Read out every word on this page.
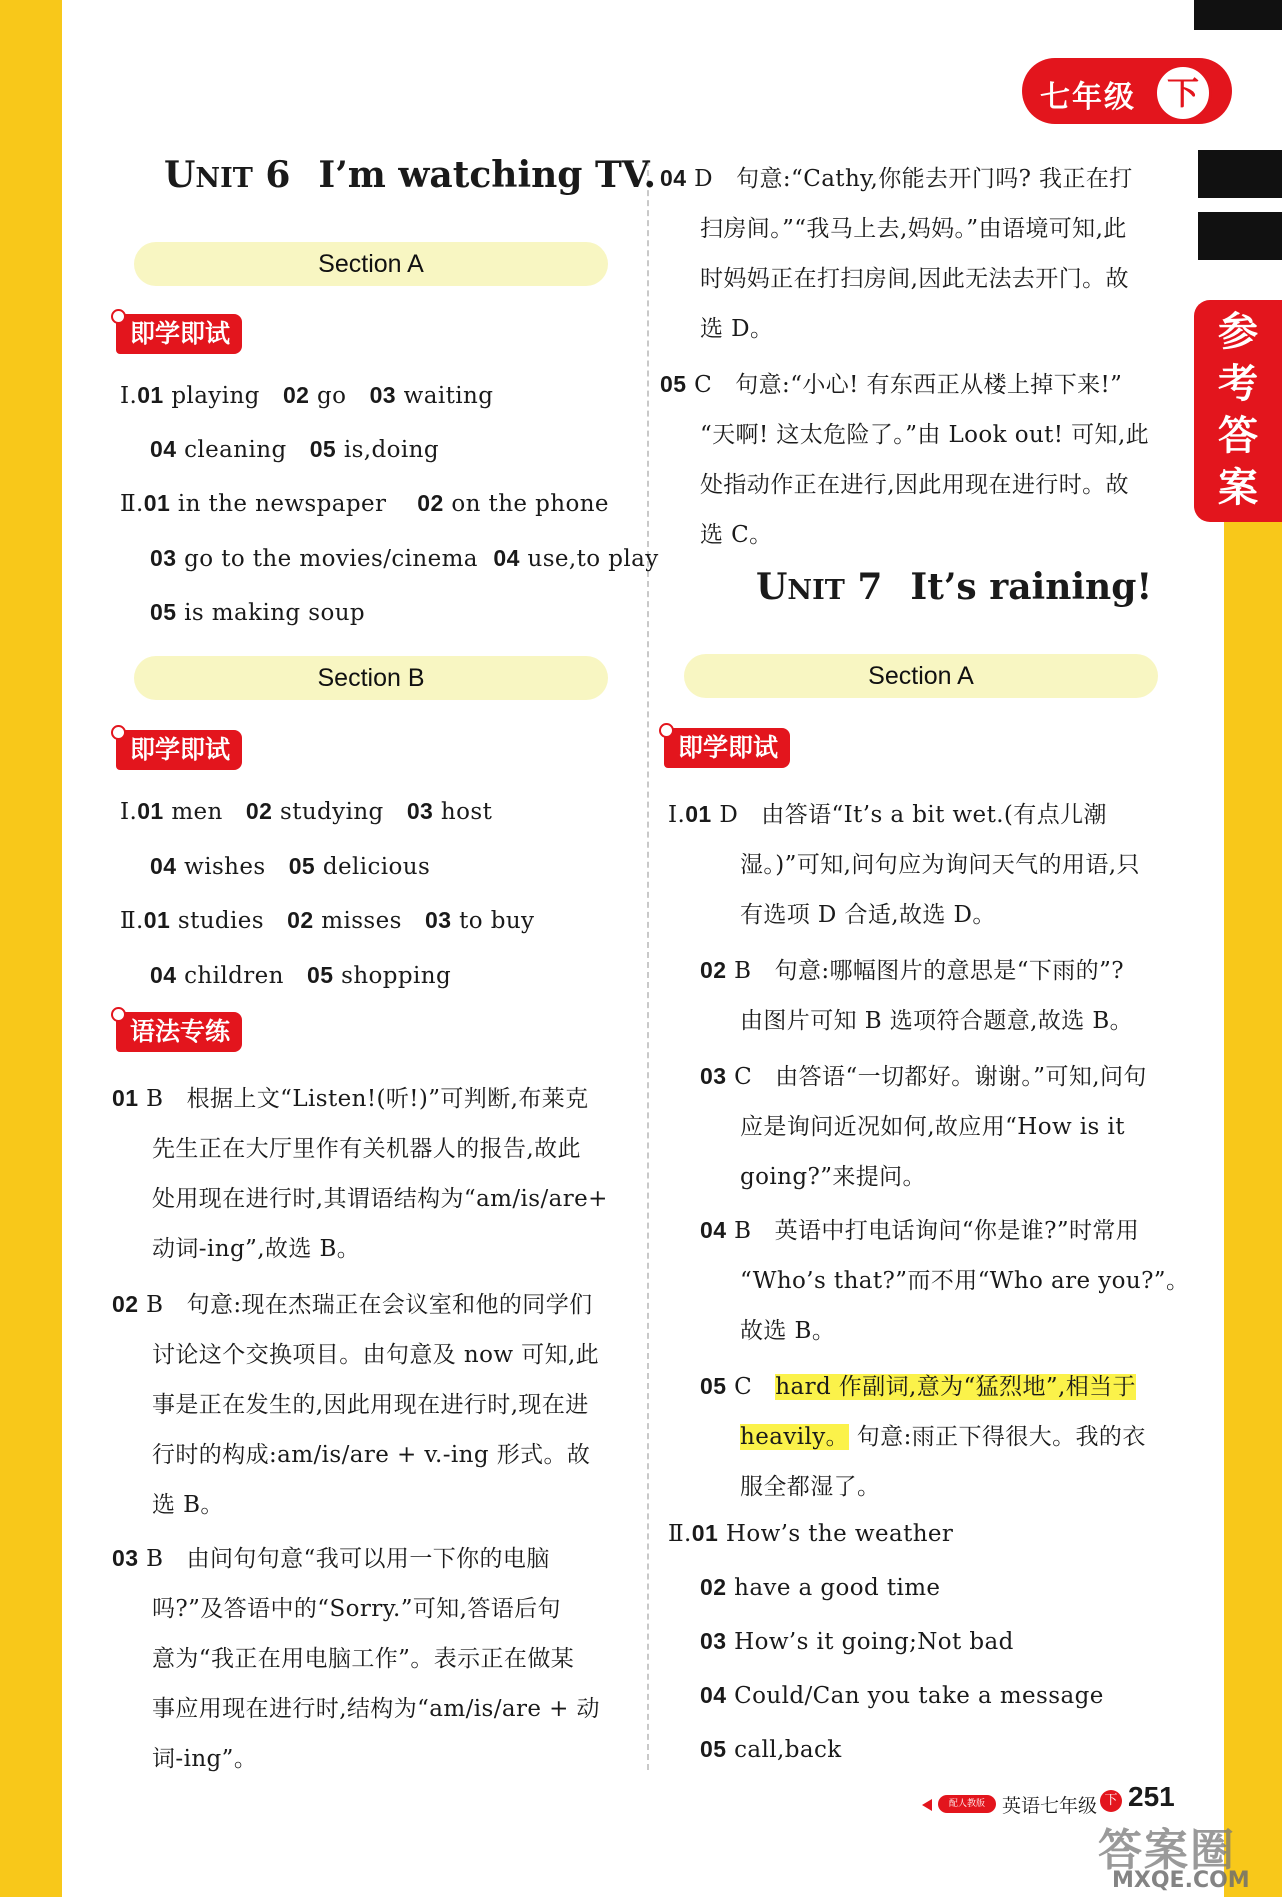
七年级 下
参
考
答
案
UNIT 6 I’m watching TV.
Section A
即学即试
Ⅰ.01 playing 02 go 03 waiting
04 cleaning 05 is,doing
Ⅱ.01 in the newspaper 02 on the phone
03 go to the movies/cinema 04 use,to play
05 is making soup
Section B
即学即试
Ⅰ.01 men 02 studying 03 host
04 wishes 05 delicious
Ⅱ.01 studies 02 misses 03 to buy
04 children 05 shopping
语法专练
01 B 根据上文“Listen!(听!)”可判断,布莱克
先生正在大厅里作有关机器人的报告,故此
处用现在进行时,其谓语结构为“am/is/are+
动词-ing”,故选 B。
02 B 句意:现在杰瑞正在会议室和他的同学们
讨论这个交换项目。由句意及 now 可知,此
事是正在发生的,因此用现在进行时,现在进
行时的构成:am/is/are + v.-ing 形式。故
选 B。
03 B 由问句句意“我可以用一下你的电脑
吗?”及答语中的“Sorry.”可知,答语后句
意为“我正在用电脑工作”。表示正在做某
事应用现在进行时,结构为“am/is/are + 动
词-ing”。
04 D 句意:“Cathy,你能去开门吗? 我正在打
扫房间。”“我马上去,妈妈。”由语境可知,此
时妈妈正在打扫房间,因此无法去开门。故
选 D。
05 C 句意:“小心! 有东西正从楼上掉下来!”
“天啊! 这太危险了。”由 Look out! 可知,此
处指动作正在进行,因此用现在进行时。故
选 C。
UNIT 7 It’s raining!
Section A
即学即试
Ⅰ.01 D 由答语“It’s a bit wet.(有点儿潮
湿。)”可知,问句应为询问天气的用语,只
有选项 D 合适,故选 D。
02 B 句意:哪幅图片的意思是“下雨的”?
由图片可知 B 选项符合题意,故选 B。
03 C 由答语“一切都好。谢谢。”可知,问句
应是询问近况如何,故应用“How is it
going?”来提问。
04 B 英语中打电话询问“你是谁?”时常用
“Who’s that?”而不用“Who are you?”。
故选 B。
05 C hard 作副词,意为“猛烈地”,相当于
heavily。 句意:雨正下得很大。我的衣
服全都湿了。
Ⅱ.01 How’s the weather
02 have a good time
03 How’s it going;Not bad
04 Could/Can you take a message
05 call,back
配人教版 英语七年级 下 251
答案圈
MXQE.COM
